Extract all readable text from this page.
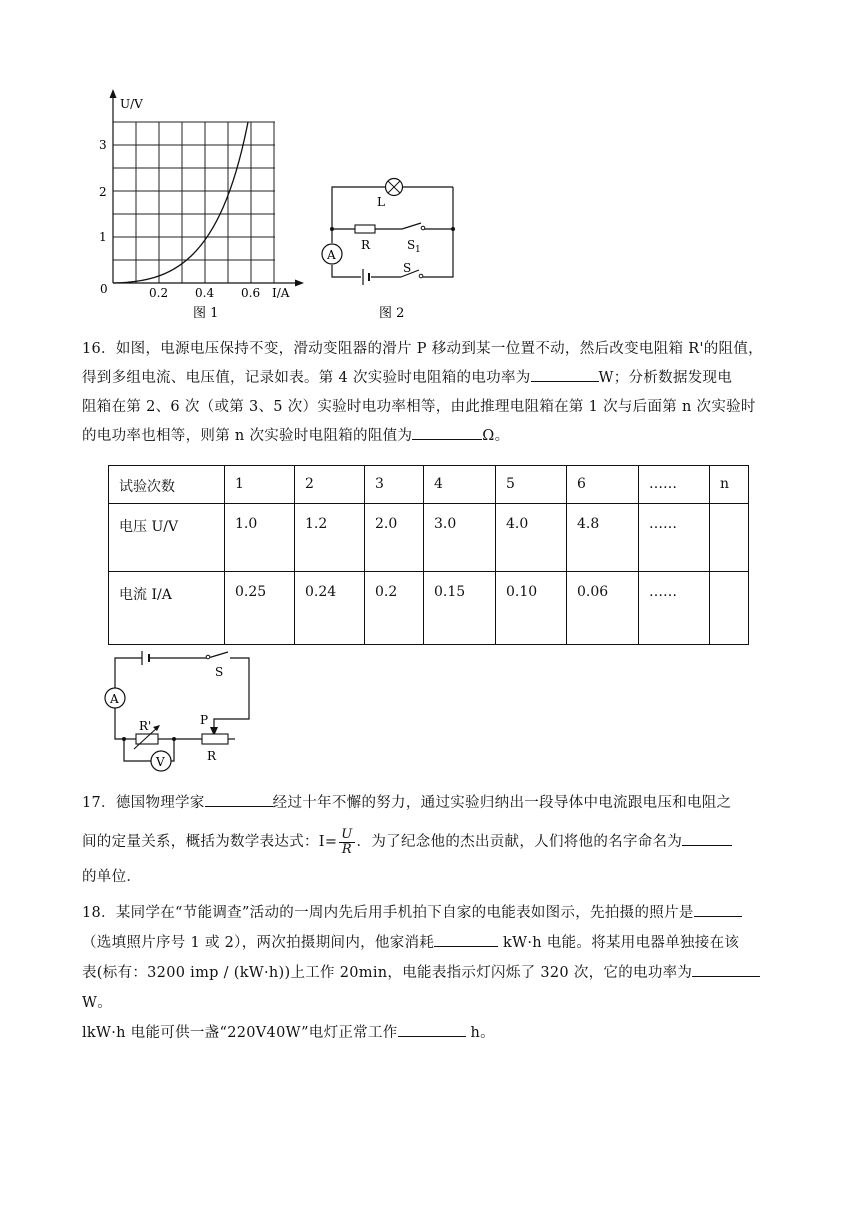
U/V
I/A
0
1
2
3
0.2 0.4 0.6
图 1
A
L
R	S 1
S
图 2
16．如图，电源电压保持不变，滑动变阻器的滑片 P 移动到某一位置不动，然后改变电阻箱 R'的阻值，
得到多组电流、电压值，记录如表。第 4 次实验时电阻箱的电功率为	W；分析数据发现电
阻箱在第 2、6 次（或第 3、5 次）实验时电功率相等，由此推理电阻箱在第 1 次与后面第 n 次实验时
的电功率也相等，则第 n 次实验时电阻箱的阻值为	Ω。
试验次数	1	2	3	4	5	6	……	n
电压 U/V	1.0	1.2	2.0	3.0	4.0	4.8	……	
电流 I/A	0.25	0.24	0.2	0.15	0.10	0.06	……	
A
V
S
R'	P
R
17．德国物理学家	经过十年不懈的努力，通过实验归纳出一段导体中电流跟电压和电阻之
间的定量关系，概括为数学表达式：$I= \frac{U}{R}$ ．为了纪念他的杰出贡献，人们将他的名字命名为
的单位．
18．某同学在“节能调查”活动的一周内先后用手机拍下自家的电能表如图示，先拍摄的照片是
（选填照片序号 1 或 2），两次拍摄期间内，他家消耗	kW·h 电能。将某用电器单独接在该
表(标有：3200 imp / (kW·h))上工作 20min，电能表指示灯闪烁了 320 次，它的电功率为 W。
lkW·h 电能可供一盏“220V40W”电灯正常工作	h。
